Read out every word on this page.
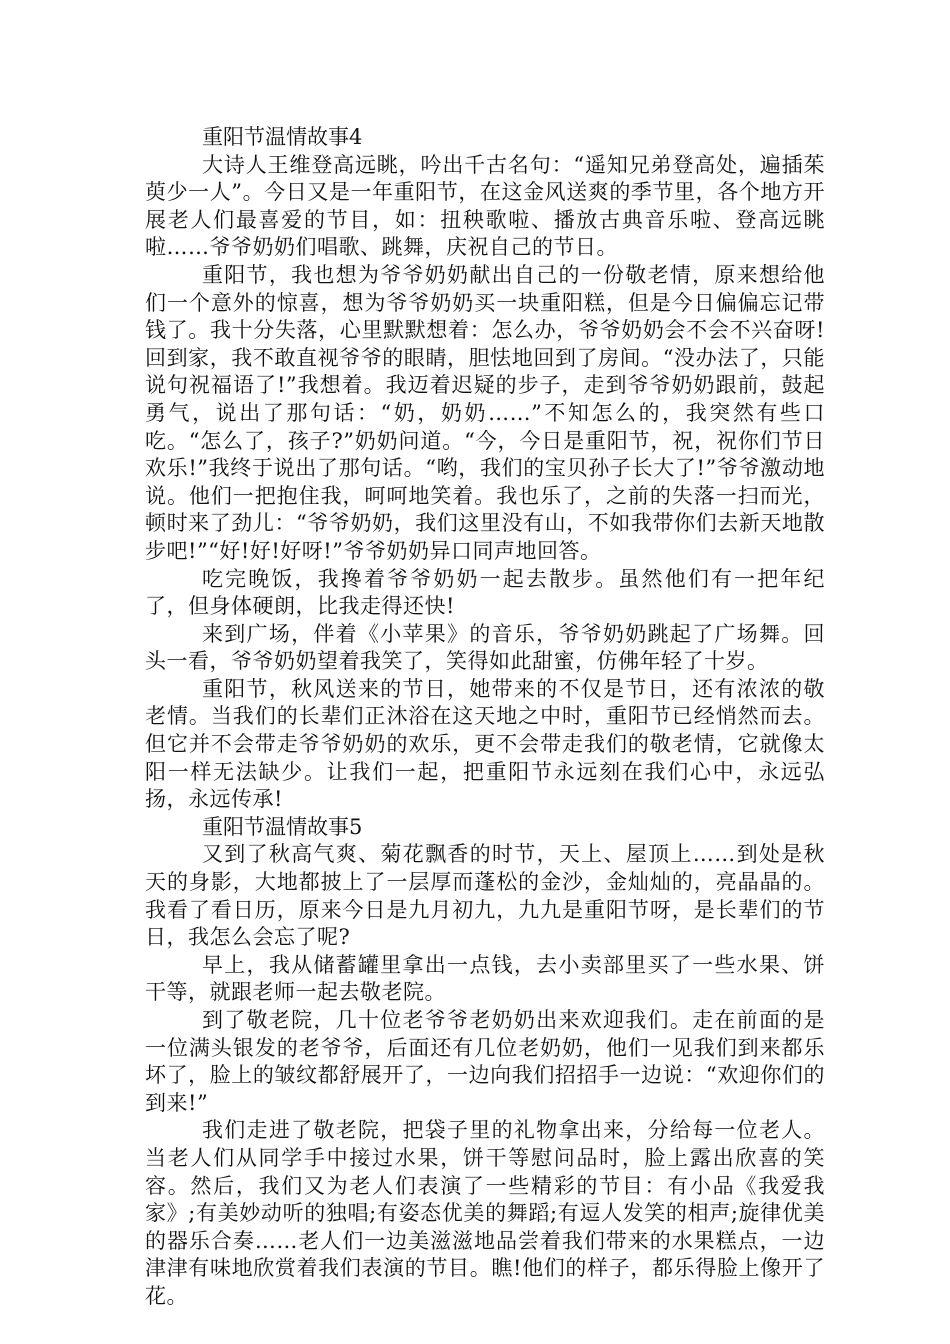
重阳节温情故事4

大诗人王维登高远眺，吟出千古名句：“遥知兄弟登高处，遍插茱萸少一人”。今日又是一年重阳节，在这金风送爽的季节里，各个地方开展老人们最喜爱的节目，如：扭秧歌啦、播放古典音乐啦、登高远眺啦……爷爷奶奶们唱歌、跳舞，庆祝自己的节日。

重阳节，我也想为爷爷奶奶献出自己的一份敬老情，原来想给他们一个意外的惊喜，想为爷爷奶奶买一块重阳糕，但是今日偏偏忘记带钱了。我十分失落，心里默默想着：怎么办，爷爷奶奶会不会不兴奋呀!回到家，我不敢直视爷爷的眼睛，胆怯地回到了房间。“没办法了，只能说句祝福语了!”我想着。我迈着迟疑的步子，走到爷爷奶奶跟前，鼓起勇气，说出了那句话：“奶，奶奶……”不知怎么的，我突然有些口吃。“怎么了，孩子?”奶奶问道。“今，今日是重阳节，祝，祝你们节日欢乐!”我终于说出了那句话。“哟，我们的宝贝孙子长大了!”爷爷激动地说。他们一把抱住我，呵呵地笑着。我也乐了，之前的失落一扫而光，顿时来了劲儿：“爷爷奶奶，我们这里没有山，不如我带你们去新天地散步吧!”“好!好!好呀!”爷爷奶奶异口同声地回答。

吃完晚饭，我搀着爷爷奶奶一起去散步。虽然他们有一把年纪了，但身体硬朗，比我走得还快!

来到广场，伴着《小苹果》的音乐，爷爷奶奶跳起了广场舞。回头一看，爷爷奶奶望着我笑了，笑得如此甜蜜，仿佛年轻了十岁。

重阳节，秋风送来的节日，她带来的不仅是节日，还有浓浓的敬老情。当我们的长辈们正沐浴在这天地之中时，重阳节已经悄然而去。但它并不会带走爷爷奶奶的欢乐，更不会带走我们的敬老情，它就像太阳一样无法缺少。让我们一起，把重阳节永远刻在我们心中，永远弘扬，永远传承!

重阳节温情故事5

又到了秋高气爽、菊花飘香的时节，天上、屋顶上……到处是秋天的身影，大地都披上了一层厚而蓬松的金沙，金灿灿的，亮晶晶的。我看了看日历，原来今日是九月初九，九九是重阳节呀，是长辈们的节日，我怎么会忘了呢?

早上，我从储蓄罐里拿出一点钱，去小卖部里买了一些水果、饼干等，就跟老师一起去敬老院。

到了敬老院，几十位老爷爷老奶奶出来欢迎我们。走在前面的是一位满头银发的老爷爷，后面还有几位老奶奶，他们一见我们到来都乐坏了，脸上的皱纹都舒展开了，一边向我们招招手一边说：“欢迎你们的到来!”

我们走进了敬老院，把袋子里的礼物拿出来，分给每一位老人。当老人们从同学手中接过水果，饼干等慰问品时，脸上露出欣喜的笑容。然后，我们又为老人们表演了一些精彩的节目：有小品《我爱我家》;有美妙动听的独唱;有姿态优美的舞蹈;有逗人发笑的相声;旋律优美的器乐合奏……老人们一边美滋滋地品尝着我们带来的水果糕点，一边津津有味地欣赏着我们表演的节目。瞧!他们的样子，都乐得脸上像开了花。
